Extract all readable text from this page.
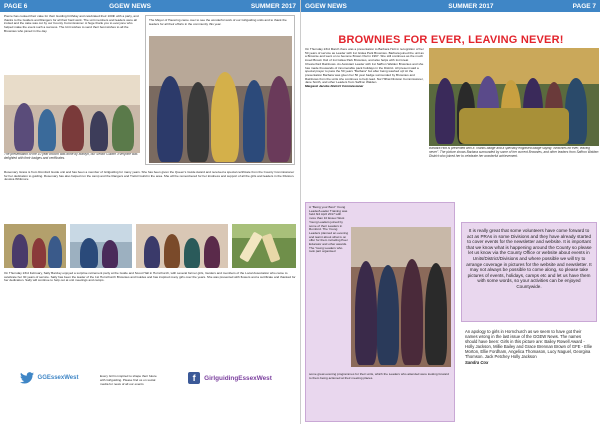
PAGE 6	GGEW NEWS	SUMMER 2017
Pierce has cooked their cake for their Guiding birthday and celebrated their 100th with a party, and thanks to the Guiders and Rangers for all their hard work. The unit members and leaders were all invited and the cake was cut by our County Commissioner. A huge thank you to everyone who helped make the event such a success. The Unit wishes to send their best wishes to all the Brownies who joined in the day.
The presentation of the 10 year brooch was done by Marilyn, our Senior Guider. Everyone was delighted with their badges and certificates.
The Mayor of Havering came over to see the wonderful work of our Girlguiding units and to thank the leaders for all their efforts in the community this year.
Rosemary Grass is from Romford Guide unit and has been a member of Girlguiding for many years. She has been given the Queen's Guide Award and received a special certificate from the County Commissioner for her dedication to guiding. Rosemary has also helped run the camp and the Rangers and Trefoil Guild in the area. She will be remembered for her kindness and support of all the girls and leaders in the Division. Jessica Whitmore
On Thursday 23rd February, Sally Barclay enjoyed a surprise retirement party at the Guide and Scout Hall in Hornchurch, with several former girls, Guiders and members of the Local Association who came to celebrate her 30 years of service. Sally has been the leader of the 1st Hornchurch Brownies and Guides and has inspired many girls over the years. She was presented with flowers and a certificate and thanked for her dedication. Sally will continue to help out at unit meetings and camps.
GGEssexWest	Every Girl is inspired to shape their future with Girlguiding. Please find us on social media for news of all our events
f	GirlguidingEssexWest
GGEW NEWS	SUMMER 2017	PAGE 7
BROWNIES FOR EVER, LEAVING NEVER!
On Thursday 23rd March there was a presentation to Barbara Holt in recognition of her 50 years of service as Leader with 1st Gidea Park Brownies. Barbara joined the unit as a Brownie and went on to become Brown Owl in 1967. She still continues as the much loved Brown Owl of 1st Gidea Park Brownies, and also helps with 1st Great Chesterford Rainbows. As Assistant Leader with 1st Saffron Walden Brownies and she has made thousands of innumerable pack holidays in the District. All present said a special prayer to pass the 50 years "Barbara" but after being washed up! At the presentation Barbara was given her 50 year badge surrounded by Brownies and Rainbows from the units she continues to help lead. Nor Hilhat Division Commissioner, Jane Smith, and other Leaders from Saffron Walden.
Margaret Jacobs District Commissioner
Barbara Holt is presented with a Thanks badge and a specially engraved badge saying "Brownies for ever, leaving never". The picture shows Barbara surrounded by some of her current Brownies, and other leaders from Saffron Walden District who joined her to celebrate her wonderful achievement.
A "Being your Best" Young Leader/Leader Training was held 3rd April 2017 with more than 10 Essex West Young Leaders joined by some of their Leaders in Romford. The Young Leaders planned an evening and learnt about what is on offer for them including Peer Educator and other awards. The Young Leaders who took part organised
some great evening programmes for their units, which the Leaders who attended were looking forward to them being actioned at their meeting places.
It is really great that some volunteers have come forward to act as PRAs in some Divisions and they have already started to cover events for the newsletter and website. It is important that we know what is happening around the County so please let us know via the County Office or website about events in Units/District/Divisions and where possible we will try to arrange coverage in pictures for the website and newsletter. It may not always be possible to come along, so please take pictures of events, holidays, camps etc and let us have them with some words, so your activities can be enjoyed Countywide.
An apology to girls in Hornchurch as we seem to have got their names wrong in the last issue of the GGEW News. The names should have been: Girls in this picture are: Bailey Rowell Award - Holly Jackson, Millie Bailey and Grace Brennan Brown of GFE - Ellie Morton, Ellie Fordham, Angelica Thomason, Lucy Naguel, Georgina Thomson. Jack Petchey Holly Jackson
Sandra Cox
